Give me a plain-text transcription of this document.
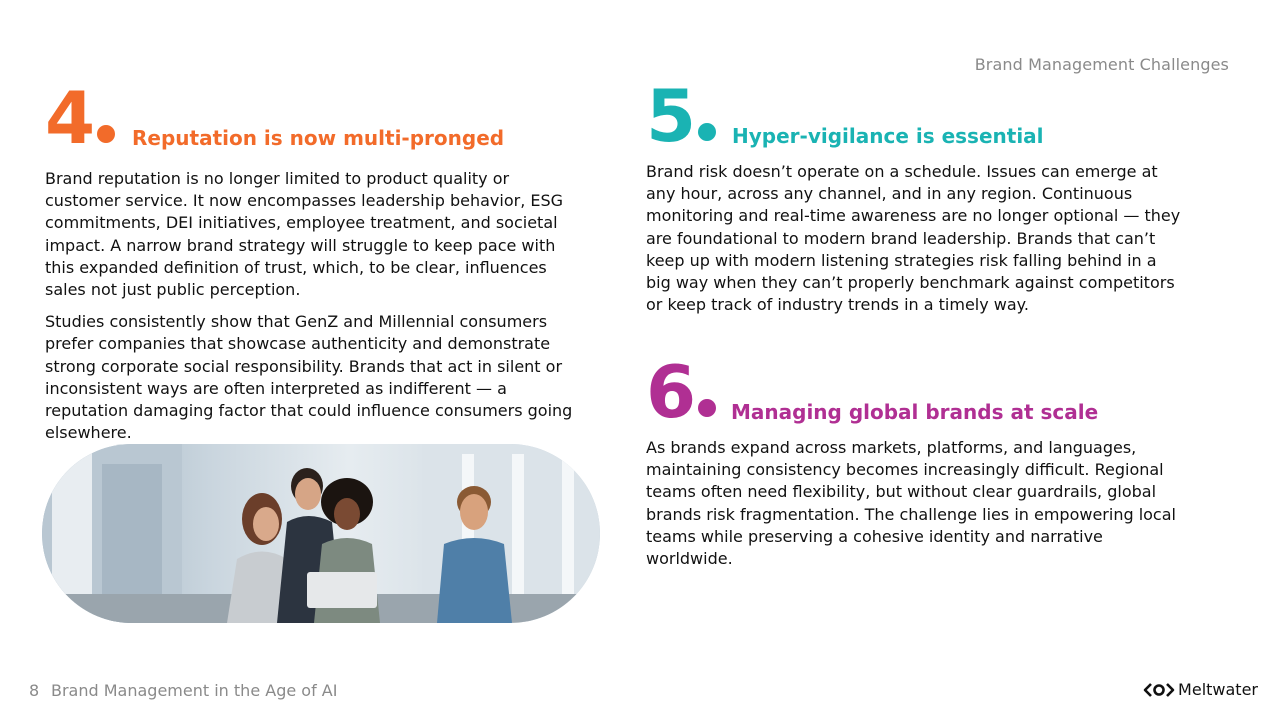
Brand Management Challenges
4	Reputation is now multi-pronged

Brand reputation is no longer limited to product quality or customer service. It now encompasses leadership behavior, ESG commitments, DEI initiatives, employee treatment, and societal impact. A narrow brand strategy will struggle to keep pace with this expanded definition of trust, which, to be clear, influences sales not just public perception.

Studies consistently show that GenZ and Millennial consumers prefer companies that showcase authenticity and demonstrate strong corporate social responsibility. Brands that act in silent or inconsistent ways are often interpreted as indifferent — a reputation damaging factor that could influence consumers going elsewhere.

5	Hyper-vigilance is essential

Brand risk doesn’t operate on a schedule. Issues can emerge at any hour, across any channel, and in any region. Continuous monitoring and real-time awareness are no longer optional — they are foundational to modern brand leadership. Brands that can’t keep up with modern listening strategies risk falling behind in a big way when they can’t properly benchmark against competitors or keep track of industry trends in a timely way.

6	Managing global brands at scale

As brands expand across markets, platforms, and languages, maintaining consistency becomes increasingly difficult. Regional teams often need flexibility, but without clear guardrails, global brands risk fragmentation. The challenge lies in empowering local teams while preserving a cohesive identity and narrative worldwide.

8 Brand Management in the Age of AI	Meltwater
